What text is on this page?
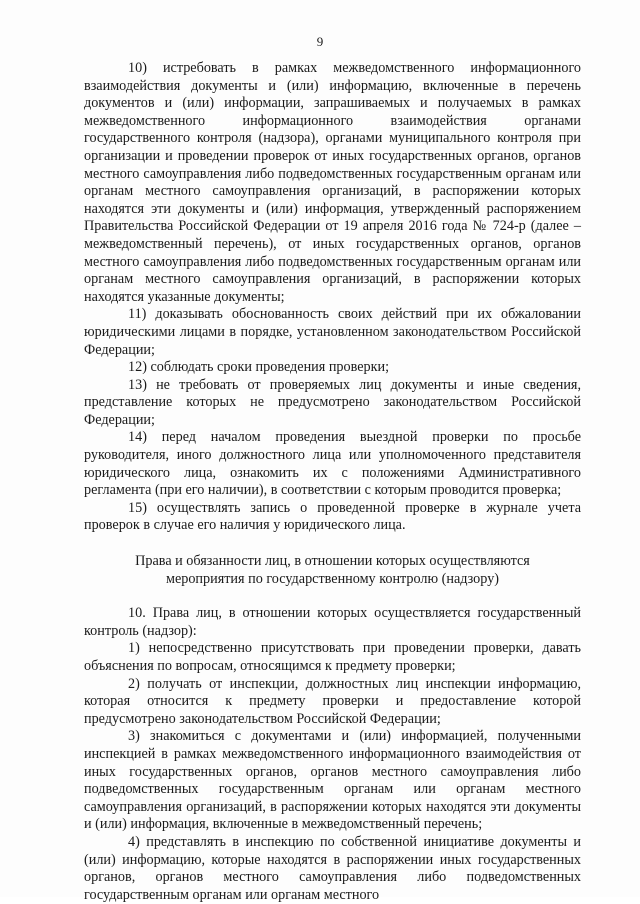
9

10) истребовать в рамках межведомственного информационного взаимодействия документы и (или) информацию, включенные в перечень документов и (или) информации, запрашиваемых и получаемых в рамках межведомственного информационного взаимодействия органами государственного контроля (надзора), органами муниципального контроля при организации и проведении проверок от иных государственных органов, органов местного самоуправления либо подведомственных государственным органам или органам местного самоуправления организаций, в распоряжении которых находятся эти документы и (или) информация, утвержденный распоряжением Правительства Российской Федерации от 19 апреля 2016 года № 724-р (далее – межведомственный перечень), от иных государственных органов, органов местного самоуправления либо подведомственных государственным органам или органам местного самоуправления организаций, в распоряжении которых находятся указанные документы;

11) доказывать обоснованность своих действий при их обжаловании юридическими лицами в порядке, установленном законодательством Российской Федерации;

12) соблюдать сроки проведения проверки;

13) не требовать от проверяемых лиц документы и иные сведения, представление которых не предусмотрено законодательством Российской Федерации;

14) перед началом проведения выездной проверки по просьбе руководителя, иного должностного лица или уполномоченного представителя юридического лица, ознакомить их с положениями Административного регламента (при его наличии), в соответствии с которым проводится проверка;

15) осуществлять запись о проведенной проверке в журнале учета проверок в случае его наличия у юридического лица.

Права и обязанности лиц, в отношении которых осуществляются
мероприятия по государственному контролю (надзору)

10. Права лиц, в отношении которых осуществляется государственный контроль (надзор):

1) непосредственно присутствовать при проведении проверки, давать объяснения по вопросам, относящимся к предмету проверки;

2) получать от инспекции, должностных лиц инспекции информацию, которая относится к предмету проверки и предоставление которой предусмотрено законодательством Российской Федерации;

3) знакомиться с документами и (или) информацией, полученными инспекцией в рамках межведомственного информационного взаимодействия от иных государственных органов, органов местного самоуправления либо подведомственных государственным органам или органам местного самоуправления организаций, в распоряжении которых находятся эти документы и (или) информация, включенные в межведомственный перечень;

4) представлять в инспекцию по собственной инициативе документы и (или) информацию, которые находятся в распоряжении иных государственных органов, органов местного самоуправления либо подведомственных государственным органам или органам местного
